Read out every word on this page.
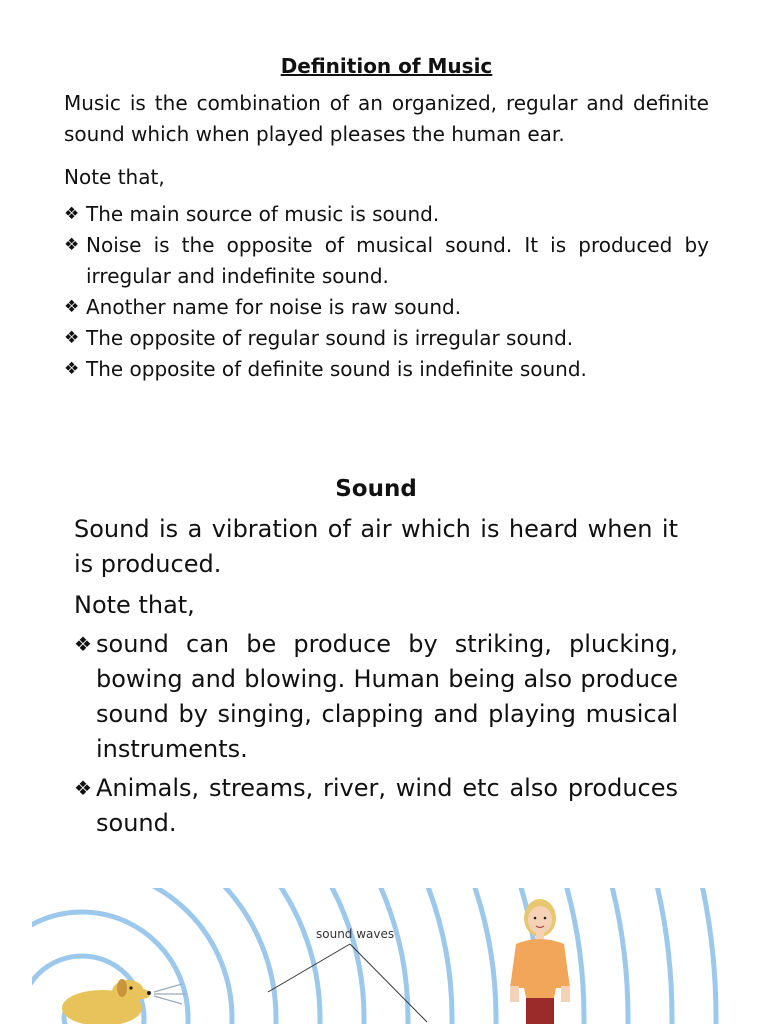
Definition of Music

Music is the combination of an organized, regular and definite sound which when played pleases the human ear.

Note that,

❖ The main source of music is sound.
❖ Noise is the opposite of musical sound. It is produced by irregular and indefinite sound.
❖ Another name for noise is raw sound.
❖ The opposite of regular sound is irregular sound.
❖ The opposite of definite sound is indefinite sound.
Sound

Sound is a vibration of air which is heard when it is produced.

Note that,

❖ sound can be produce by striking, plucking, bowing and blowing. Human being also produce sound by singing, clapping and playing musical instruments.
❖ Animals, streams, river, wind etc also produces sound.
sound waves
